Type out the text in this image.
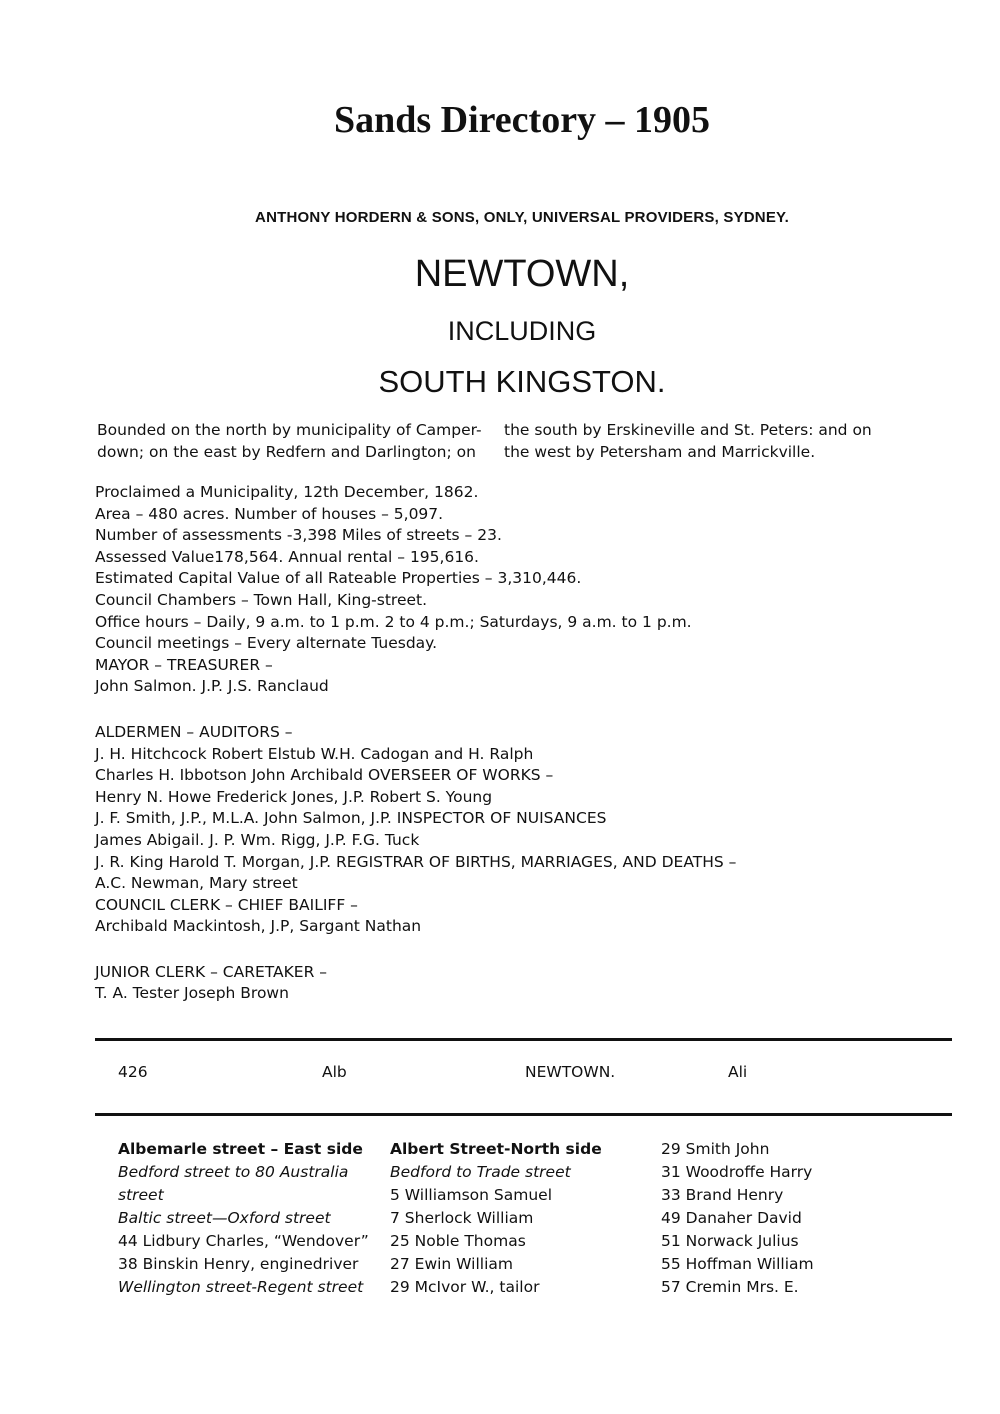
Sands Directory – 1905
ANTHONY HORDERN & SONS, ONLY, UNIVERSAL PROVIDERS, SYDNEY.
NEWTOWN,
INCLUDING
SOUTH KINGSTON.
Bounded on the north by municipality of Camper-
down; on the east by Redfern and Darlington; on
the south by Erskineville and St. Peters: and on
the west by Petersham and Marrickville.
Proclaimed a Municipality, 12th December, 1862.
Area – 480 acres. Number of houses – 5,097.
Number of assessments -3,398 Miles of streets – 23.
Assessed Value178,564. Annual rental – 195,616.
Estimated Capital Value of all Rateable Properties – 3,310,446.
Council Chambers – Town Hall, King-street.
Office hours – Daily, 9 a.m. to 1 p.m. 2 to 4 p.m.; Saturdays, 9 a.m. to 1 p.m.
Council meetings – Every alternate Tuesday.
MAYOR – TREASURER –
John Salmon. J.P. J.S. Ranclaud
ALDERMEN – AUDITORS –
J. H. Hitchcock Robert Elstub W.H. Cadogan and H. Ralph
Charles H. Ibbotson John Archibald OVERSEER OF WORKS –
Henry N. Howe Frederick Jones, J.P. Robert S. Young
J. F. Smith, J.P., M.L.A. John Salmon, J.P. INSPECTOR OF NUISANCES
James Abigail. J. P. Wm. Rigg, J.P. F.G. Tuck
J. R. King Harold T. Morgan, J.P. REGISTRAR OF BIRTHS, MARRIAGES, AND DEATHS –
A.C. Newman, Mary street
COUNCIL CLERK – CHIEF BAILIFF –
Archibald Mackintosh, J.P, Sargant Nathan
JUNIOR CLERK – CARETAKER –
T. A. Tester Joseph Brown
426	Alb	NEWTOWN.	Ali
Albemarle street – East side
Bedford street to 80 Australia
street
Baltic street—Oxford street
44 Lidbury Charles, “Wendover”
38 Binskin Henry, enginedriver
Wellington street-Regent street
Albert Street-North side
Bedford to Trade street
5 Williamson Samuel
7 Sherlock William
25 Noble Thomas
27 Ewin William
29 McIvor W., tailor
29 Smith John
31 Woodroffe Harry
33 Brand Henry
49 Danaher David
51 Norwack Julius
55 Hoffman William
57 Cremin Mrs. E.
